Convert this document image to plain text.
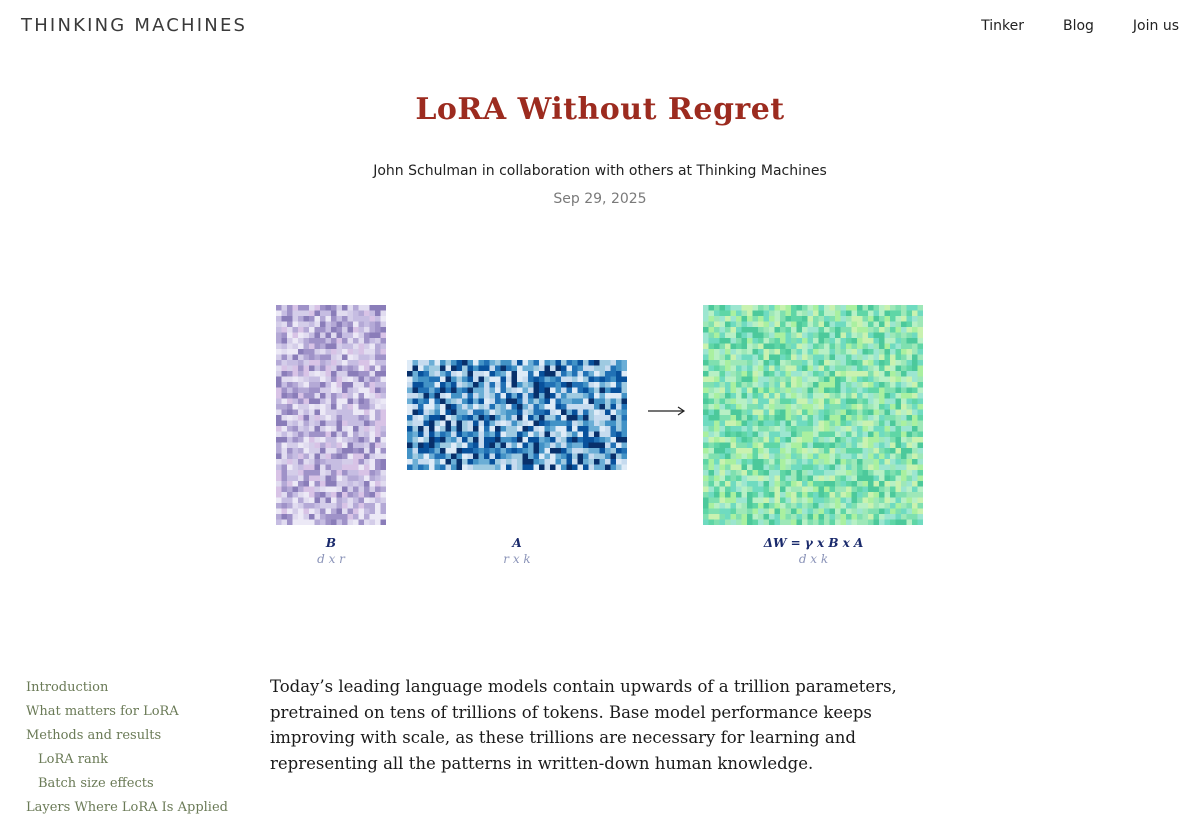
THINKING MACHINES	Tinker	Blog	Join us
LoRA Without Regret
John Schulman in collaboration with others at Thinking Machines
Sep 29, 2025
B
d x r
A
r x k
ΔW = γ x B x A
d x k
Introduction
What matters for LoRA
Methods and results
LoRA rank
Batch size effects
Layers Where LoRA Is Applied

Today’s leading language models contain upwards of a trillion parameters, pretrained on tens of trillions of tokens. Base model performance keeps improving with scale, as these trillions are necessary for learning and representing all the patterns in written-down human knowledge.
